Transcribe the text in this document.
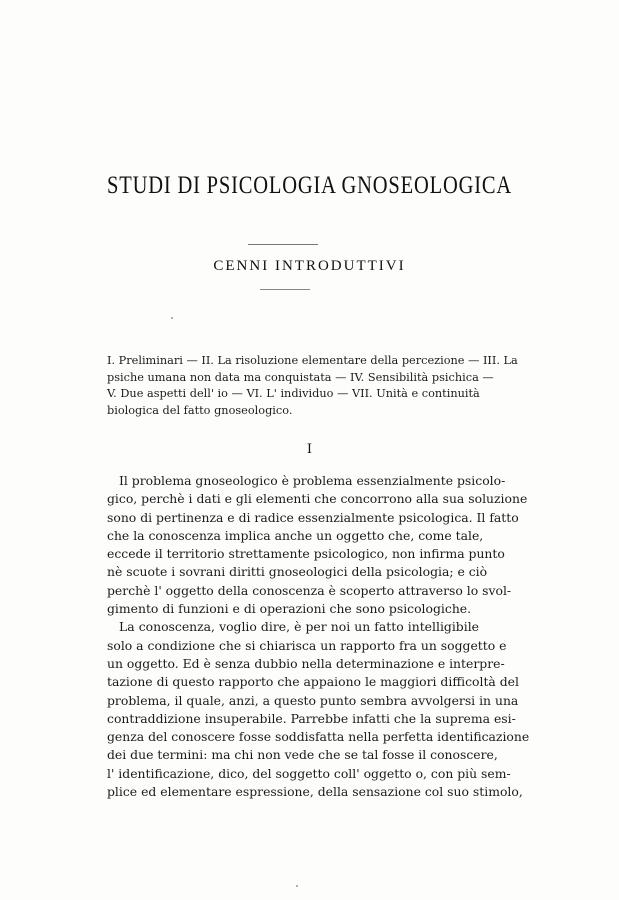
STUDI DI PSICOLOGIA GNOSEOLOGICA
CENNI INTRODUTTIVI
I. Preliminari — II. La risoluzione elementare della percezione — III. La
psiche umana non data ma conquistata — IV. Sensibilità psichica —
V. Due aspetti dell' io — VI. L' individuo — VII. Unità e continuità
biologica del fatto gnoseologico.
I
Il problema gnoseologico è problema essenzialmente psicolo-
gico, perchè i dati e gli elementi che concorrono alla sua soluzione
sono di pertinenza e di radice essenzialmente psicologica. Il fatto
che la conoscenza implica anche un oggetto che, come tale,
eccede il territorio strettamente psicologico, non infirma punto
nè scuote i sovrani diritti gnoseologici della psicologia; e ciò
perchè l' oggetto della conoscenza è scoperto attraverso lo svol-
gimento di funzioni e di operazioni che sono psicologiche.
La conoscenza, voglio dire, è per noi un fatto intelligibile
solo a condizione che si chiarisca un rapporto fra un soggetto e
un oggetto. Ed è senza dubbio nella determinazione e interpre-
tazione di questo rapporto che appaiono le maggiori difficoltà del
problema, il quale, anzi, a questo punto sembra avvolgersi in una
contraddizione insuperabile. Parrebbe infatti che la suprema esi-
genza del conoscere fosse soddisfatta nella perfetta identificazione
dei due termini: ma chi non vede che se tal fosse il conoscere,
l' identificazione, dico, del soggetto coll' oggetto o, con più sem-
plice ed elementare espressione, della sensazione col suo stimolo,
